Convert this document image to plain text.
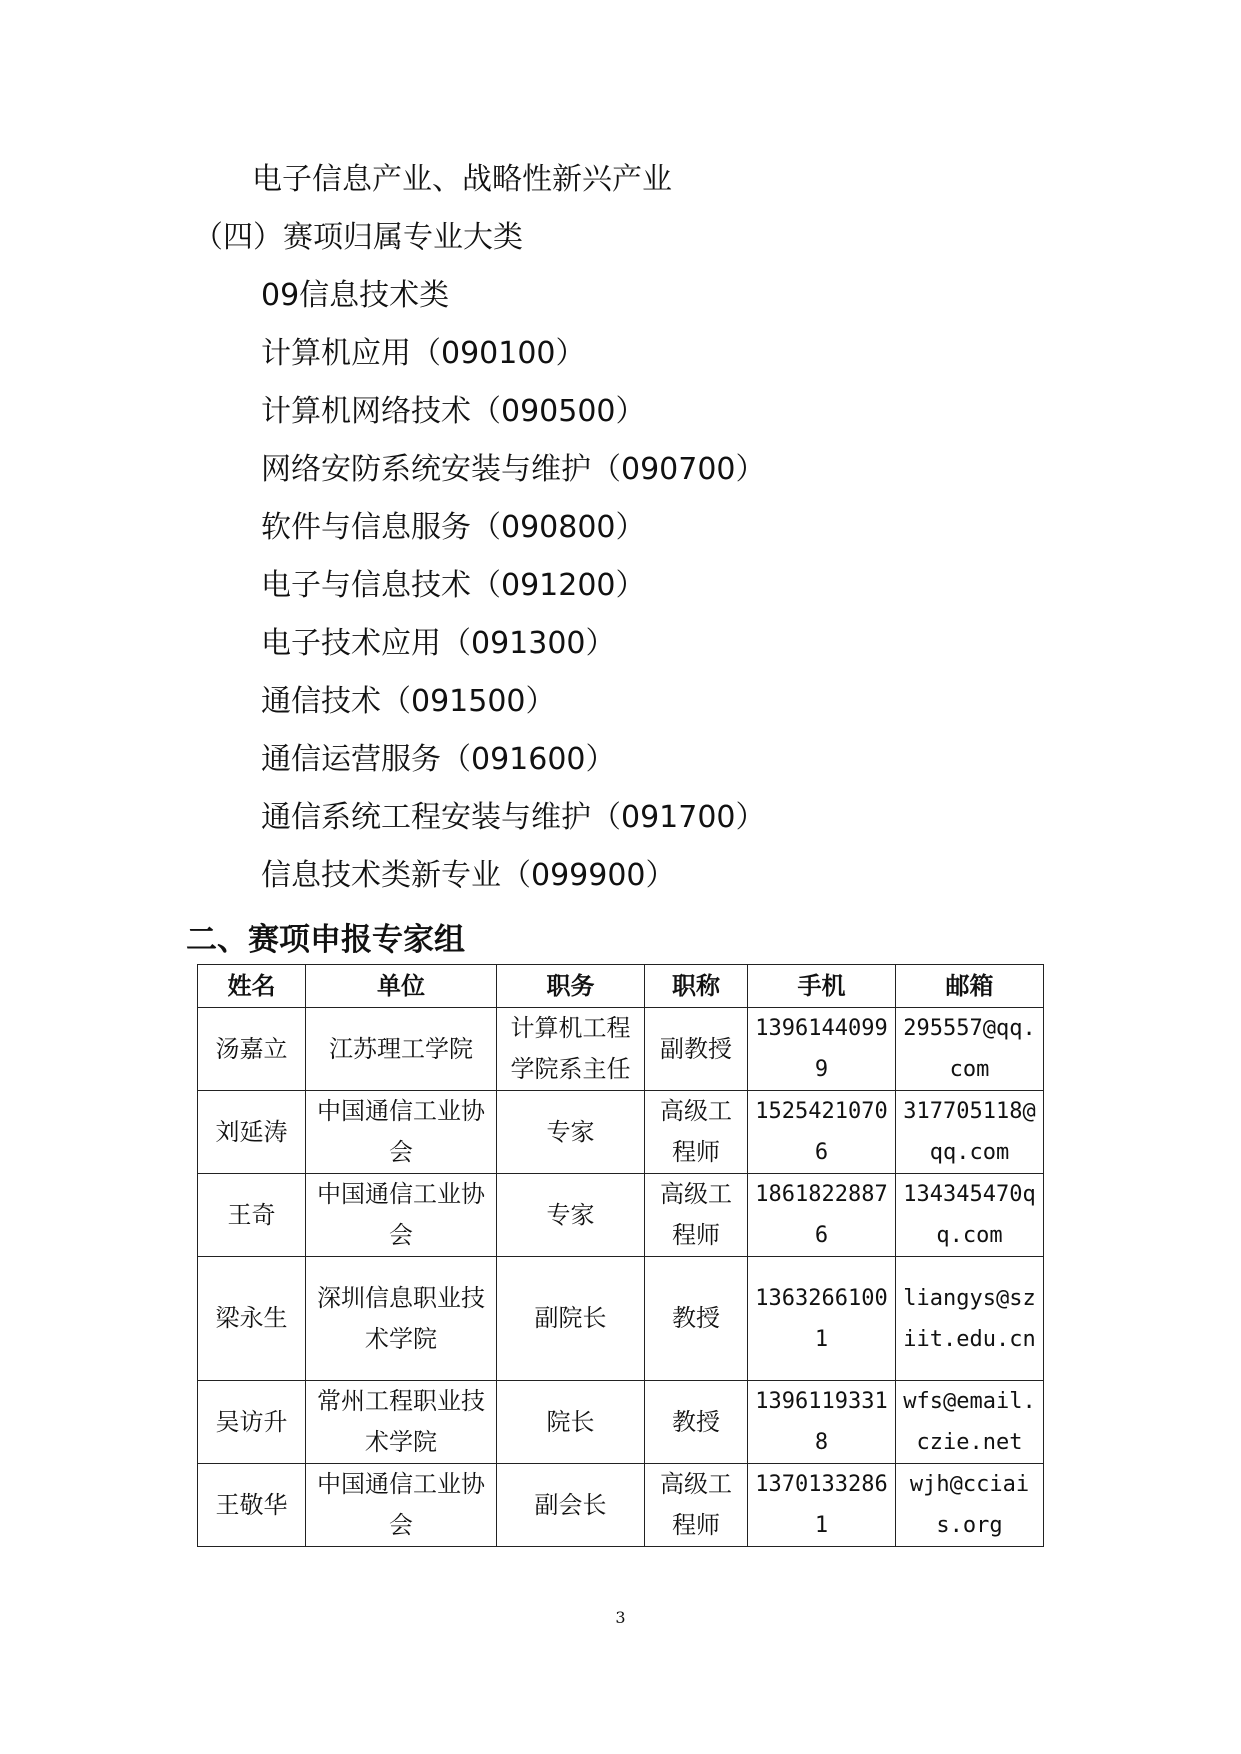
电子信息产业、战略性新兴产业
（四）赛项归属专业大类
09信息技术类
计算机应用（090100）
计算机网络技术（090500）
网络安防系统安装与维护（090700）
软件与信息服务（090800）
电子与信息技术（091200）
电子技术应用（091300）
通信技术（091500）
通信运营服务（091600）
通信系统工程安装与维护（091700）
信息技术类新专业（099900）
二、赛项申报专家组
姓名	单位	职务	职称	手机	邮箱
汤嘉立	江苏理工学院	计算机工程学院系主任	副教授	13961440999	295557@qq.com
刘延涛	中国通信工业协会	专家	高级工程师	15254210706	317705118@qq.com
王奇	中国通信工业协会	专家	高级工程师	18618228876	134345470qq.com
梁永生	深圳信息职业技术学院	副院长	教授	13632661001	liangys@sziit.edu.cn
吴访升	常州工程职业技术学院	院长	教授	13961193318	wfs@email.czie.net
王敬华	中国通信工业协会	副会长	高级工程师	13701332861	wjh@cciais.org
3
